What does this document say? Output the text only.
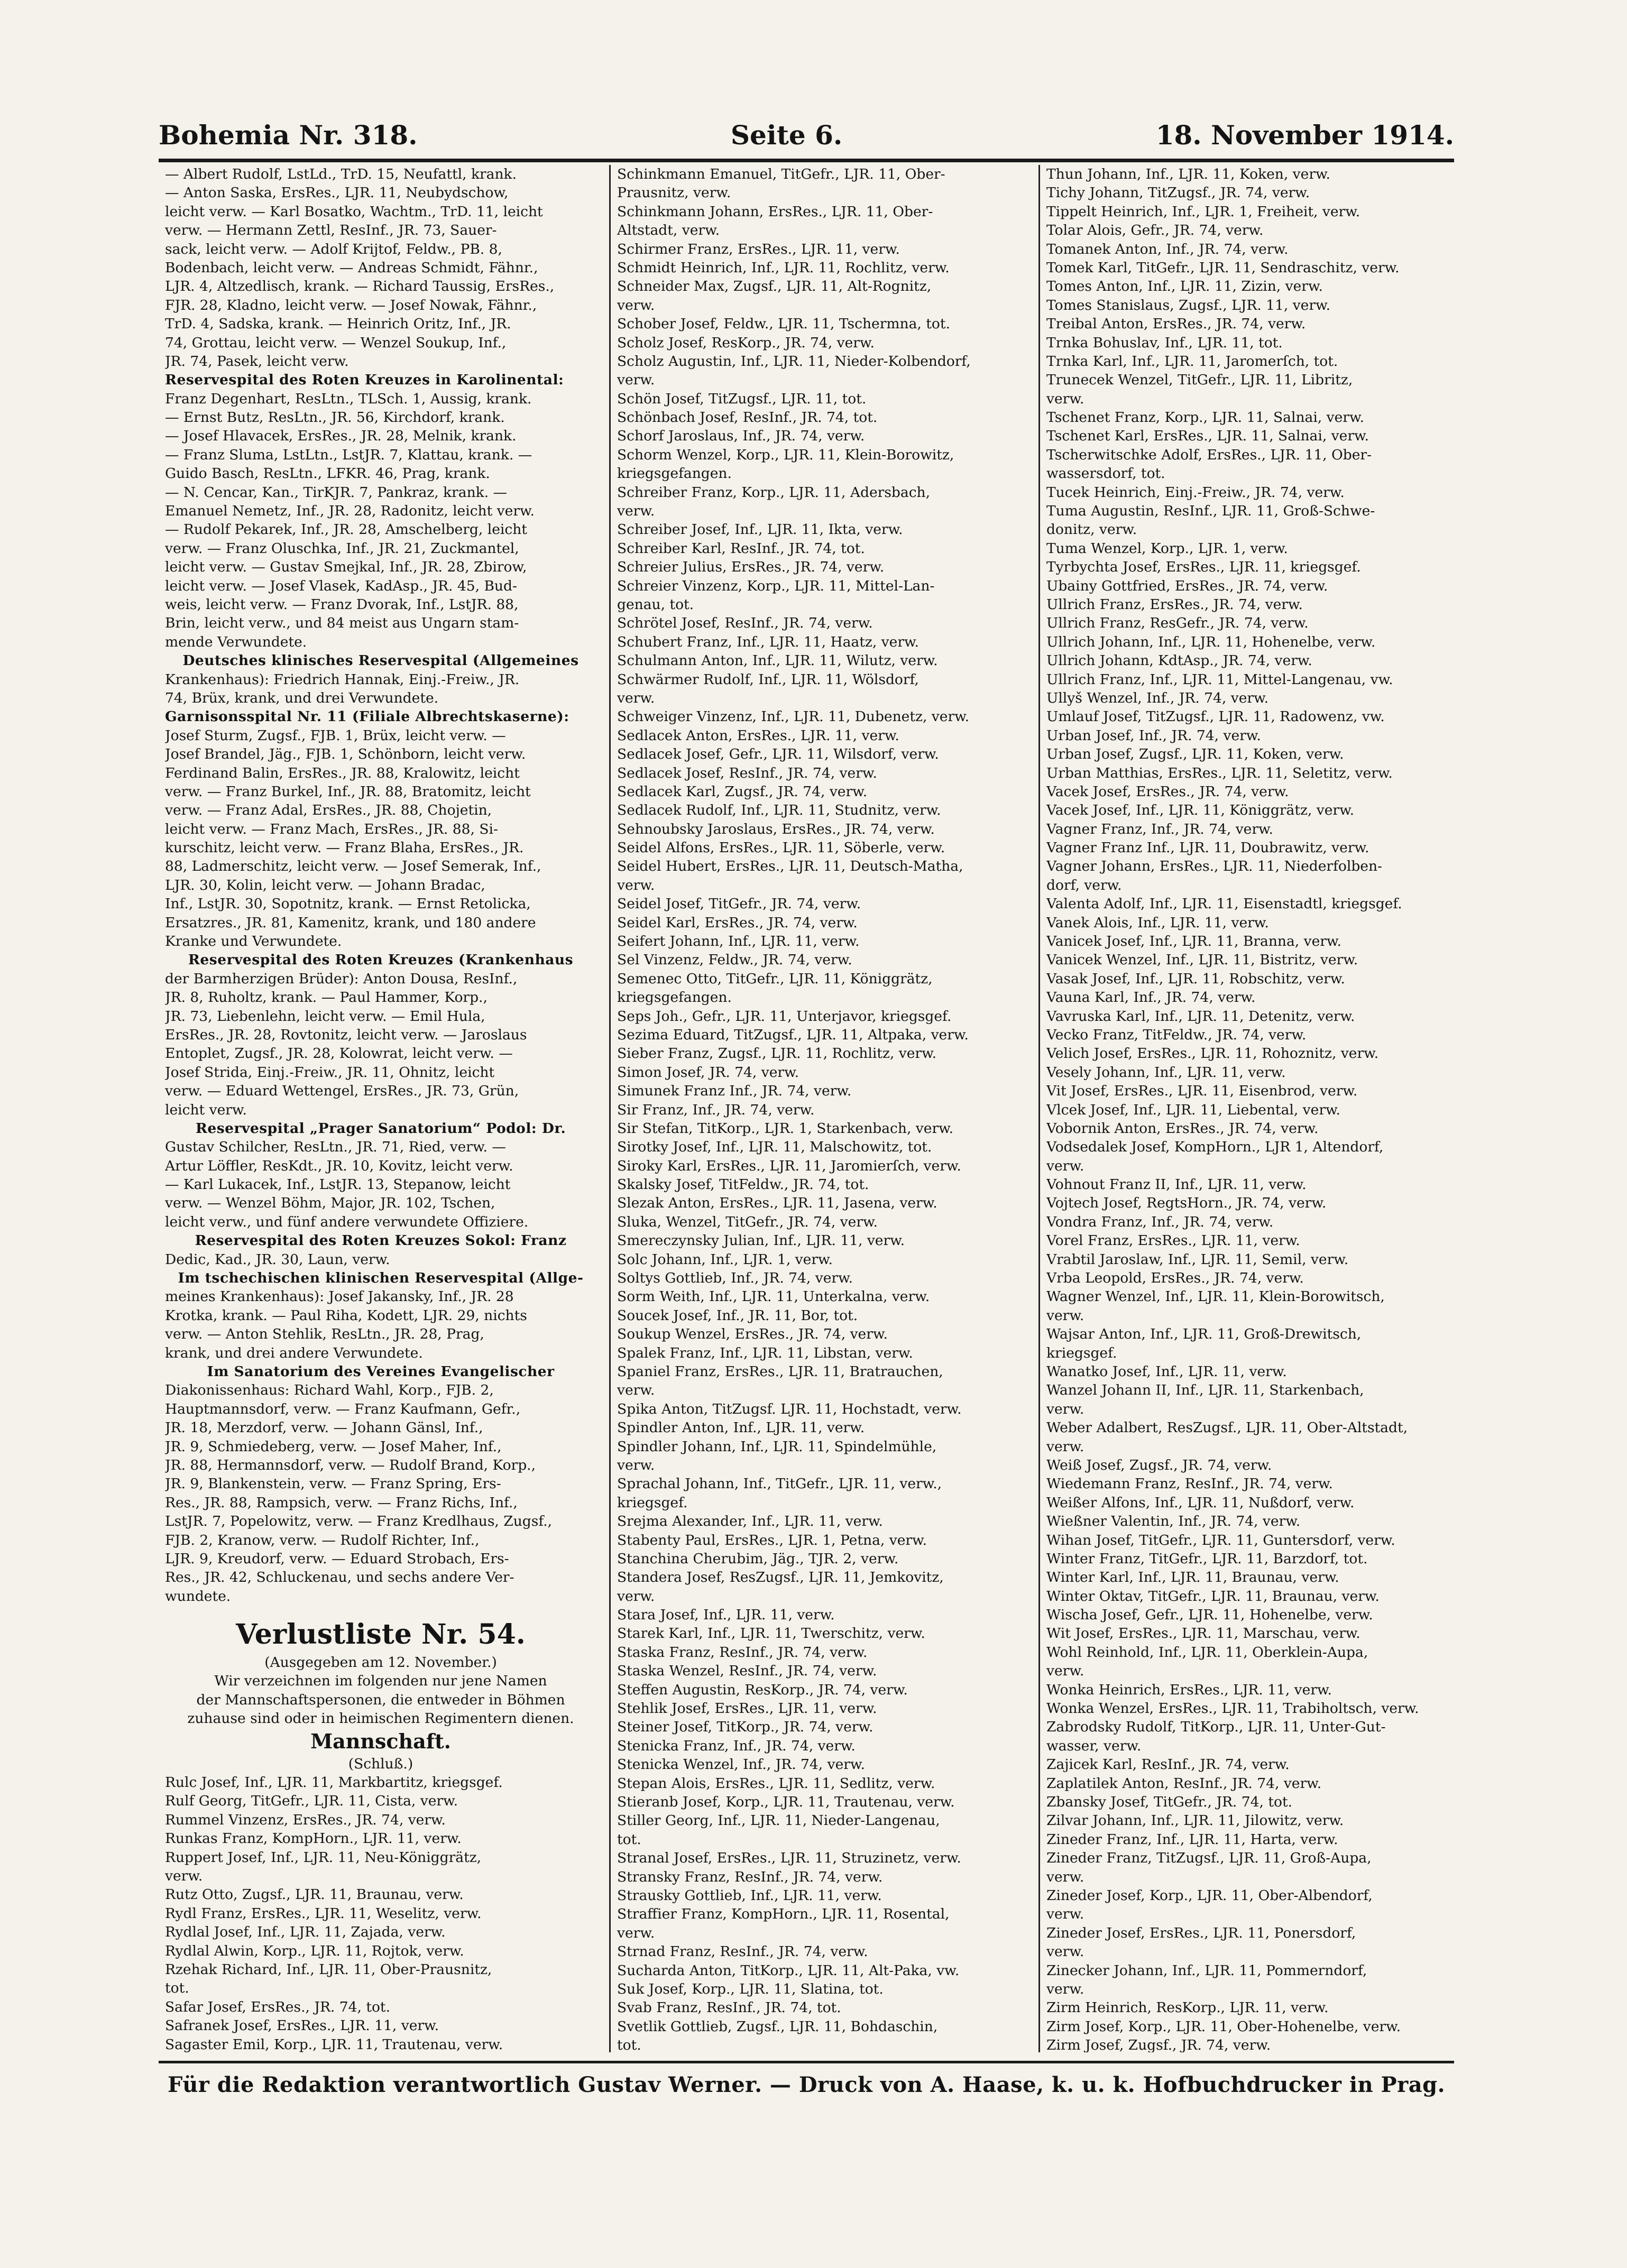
Bohemia Nr. 318.	Seite 6.	18. November 1914.
— Albert Rudolf, LstLd., TrD. 15, Neufattl, krank.
— Anton Saska, ErsRes., LJR. 11, Neubydschow,
leicht verw. — Karl Bosatko, Wachtm., TrD. 11, leicht
verw. — Hermann Zettl, ResInf., JR. 73, Sauer-
sack, leicht verw. — Adolf Krijtof, Feldw., PB. 8,
Bodenbach, leicht verw. — Andreas Schmidt, Fähnr.,
LJR. 4, Altzedlisch, krank. — Richard Taussig, ErsRes.,
FJR. 28, Kladno, leicht verw. — Josef Nowak, Fähnr.,
TrD. 4, Sadska, krank. — Heinrich Oritz, Inf., JR.
74, Grottau, leicht verw. — Wenzel Soukup, Inf.,
JR. 74, Pasek, leicht verw.
Reservespital des Roten Kreuzes in Karolinental:
Franz Degenhart, ResLtn., TLSch. 1, Aussig, krank.
— Ernst Butz, ResLtn., JR. 56, Kirchdorf, krank.
— Josef Hlavacek, ErsRes., JR. 28, Melnik, krank.
— Franz Sluma, LstLtn., LstJR. 7, Klattau, krank. —
Guido Basch, ResLtn., LFKR. 46, Prag, krank.
— N. Cencar, Kan., TirKJR. 7, Pankraz, krank. —
Emanuel Nemetz, Inf., JR. 28, Radonitz, leicht verw.
— Rudolf Pekarek, Inf., JR. 28, Amschelberg, leicht
verw. — Franz Oluschka, Inf., JR. 21, Zuckmantel,
leicht verw. — Gustav Smejkal, Inf., JR. 28, Zbirow,
leicht verw. — Josef Vlasek, KadAsp., JR. 45, Bud-
weis, leicht verw. — Franz Dvorak, Inf., LstJR. 88,
Brin, leicht verw., und 84 meist aus Ungarn stam-
mende Verwundete.
Deutsches klinisches Reservespital (Allgemeines
Krankenhaus): Friedrich Hannak, Einj.-Freiw., JR.
74, Brüx, krank, und drei Verwundete.
Garnisonsspital Nr. 11 (Filiale Albrechtskaserne):
Josef Sturm, Zugsf., FJB. 1, Brüx, leicht verw. —
Josef Brandel, Jäg., FJB. 1, Schönborn, leicht verw.
Ferdinand Balin, ErsRes., JR. 88, Kralowitz, leicht
verw. — Franz Burkel, Inf., JR. 88, Bratomitz, leicht
verw. — Franz Adal, ErsRes., JR. 88, Chojetin,
leicht verw. — Franz Mach, ErsRes., JR. 88, Si-
kurschitz, leicht verw. — Franz Blaha, ErsRes., JR.
88, Ladmerschitz, leicht verw. — Josef Semerak, Inf.,
LJR. 30, Kolin, leicht verw. — Johann Bradac,
Inf., LstJR. 30, Sopotnitz, krank. — Ernst Retolicka,
Ersatzres., JR. 81, Kamenitz, krank, und 180 andere
Kranke und Verwundete.
Reservespital des Roten Kreuzes (Krankenhaus
der Barmherzigen Brüder): Anton Dousa, ResInf.,
JR. 8, Ruholtz, krank. — Paul Hammer, Korp.,
JR. 73, Liebenlehn, leicht verw. — Emil Hula,
ErsRes., JR. 28, Rovtonitz, leicht verw. — Jaroslaus
Entoplet, Zugsf., JR. 28, Kolowrat, leicht verw. —
Josef Strida, Einj.-Freiw., JR. 11, Ohnitz, leicht
verw. — Eduard Wettengel, ErsRes., JR. 73, Grün,
leicht verw.
Reservespital „Prager Sanatorium“ Podol: Dr.
Gustav Schilcher, ResLtn., JR. 71, Ried, verw. —
Artur Löffler, ResKdt., JR. 10, Kovitz, leicht verw.
— Karl Lukacek, Inf., LstJR. 13, Stepanow, leicht
verw. — Wenzel Böhm, Major, JR. 102, Tschen,
leicht verw., und fünf andere verwundete Offiziere.
Reservespital des Roten Kreuzes Sokol: Franz
Dedic, Kad., JR. 30, Laun, verw.
Im tschechischen klinischen Reservespital (Allge-
meines Krankenhaus): Josef Jakansky, Inf., JR. 28
Krotka, krank. — Paul Riha, Kodett, LJR. 29, nichts
verw. — Anton Stehlik, ResLtn., JR. 28, Prag,
krank, und drei andere Verwundete.
Im Sanatorium des Vereines Evangelischer
Diakonissenhaus: Richard Wahl, Korp., FJB. 2,
Hauptmannsdorf, verw. — Franz Kaufmann, Gefr.,
JR. 18, Merzdorf, verw. — Johann Gänsl, Inf.,
JR. 9, Schmiedeberg, verw. — Josef Maher, Inf.,
JR. 88, Hermannsdorf, verw. — Rudolf Brand, Korp.,
JR. 9, Blankenstein, verw. — Franz Spring, Ers-
Res., JR. 88, Rampsich, verw. — Franz Richs, Inf.,
LstJR. 7, Popelowitz, verw. — Franz Kredlhaus, Zugsf.,
FJB. 2, Kranow, verw. — Rudolf Richter, Inf.,
LJR. 9, Kreudorf, verw. — Eduard Strobach, Ers-
Res., JR. 42, Schluckenau, und sechs andere Ver-
wundete.
Verlustliste Nr. 54.
(Ausgegeben am 12. November.)
Wir verzeichnen im folgenden nur jene Namen
der Mannschaftspersonen, die entweder in Böhmen
zuhause sind oder in heimischen Regimentern dienen.
Mannschaft.
(Schluß.)
Rulc Josef, Inf., LJR. 11, Markbartitz, kriegsgef.
Rulf Georg, TitGefr., LJR. 11, Cista, verw.
Rummel Vinzenz, ErsRes., JR. 74, verw.
Runkas Franz, KompHorn., LJR. 11, verw.
Ruppert Josef, Inf., LJR. 11, Neu-Königgrätz,
verw.
Rutz Otto, Zugsf., LJR. 11, Braunau, verw.
Rydl Franz, ErsRes., LJR. 11, Weselitz, verw.
Rydlal Josef, Inf., LJR. 11, Zajada, verw.
Rydlal Alwin, Korp., LJR. 11, Rojtok, verw.
Rzehak Richard, Inf., LJR. 11, Ober-Prausnitz,
tot.
Safar Josef, ErsRes., JR. 74, tot.
Safranek Josef, ErsRes., LJR. 11, verw.
Sagaster Emil, Korp., LJR. 11, Trautenau, verw.
Schinkmann Emanuel, TitGefr., LJR. 11, Ober-
Prausnitz, verw.
Schinkmann Johann, ErsRes., LJR. 11, Ober-
Altstadt, verw.
Schirmer Franz, ErsRes., LJR. 11, verw.
Schmidt Heinrich, Inf., LJR. 11, Rochlitz, verw.
Schneider Max, Zugsf., LJR. 11, Alt-Rognitz,
verw.
Schober Josef, Feldw., LJR. 11, Tschermna, tot.
Scholz Josef, ResKorp., JR. 74, verw.
Scholz Augustin, Inf., LJR. 11, Nieder-Kolbendorf,
verw.
Schön Josef, TitZugsf., LJR. 11, tot.
Schönbach Josef, ResInf., JR. 74, tot.
Schorf Jaroslaus, Inf., JR. 74, verw.
Schorm Wenzel, Korp., LJR. 11, Klein-Borowitz,
kriegsgefangen.
Schreiber Franz, Korp., LJR. 11, Adersbach,
verw.
Schreiber Josef, Inf., LJR. 11, Ikta, verw.
Schreiber Karl, ResInf., JR. 74, tot.
Schreier Julius, ErsRes., JR. 74, verw.
Schreier Vinzenz, Korp., LJR. 11, Mittel-Lan-
genau, tot.
Schrötel Josef, ResInf., JR. 74, verw.
Schubert Franz, Inf., LJR. 11, Haatz, verw.
Schulmann Anton, Inf., LJR. 11, Wilutz, verw.
Schwärmer Rudolf, Inf., LJR. 11, Wölsdorf,
verw.
Schweiger Vinzenz, Inf., LJR. 11, Dubenetz, verw.
Sedlacek Anton, ErsRes., LJR. 11, verw.
Sedlacek Josef, Gefr., LJR. 11, Wilsdorf, verw.
Sedlacek Josef, ResInf., JR. 74, verw.
Sedlacek Karl, Zugsf., JR. 74, verw.
Sedlacek Rudolf, Inf., LJR. 11, Studnitz, verw.
Sehnoubsky Jaroslaus, ErsRes., JR. 74, verw.
Seidel Alfons, ErsRes., LJR. 11, Söberle, verw.
Seidel Hubert, ErsRes., LJR. 11, Deutsch-Matha,
verw.
Seidel Josef, TitGefr., JR. 74, verw.
Seidel Karl, ErsRes., JR. 74, verw.
Seifert Johann, Inf., LJR. 11, verw.
Sel Vinzenz, Feldw., JR. 74, verw.
Semenec Otto, TitGefr., LJR. 11, Königgrätz,
kriegsgefangen.
Seps Joh., Gefr., LJR. 11, Unterjavor, kriegsgef.
Sezima Eduard, TitZugsf., LJR. 11, Altpaka, verw.
Sieber Franz, Zugsf., LJR. 11, Rochlitz, verw.
Simon Josef, JR. 74, verw.
Simunek Franz Inf., JR. 74, verw.
Sir Franz, Inf., JR. 74, verw.
Sir Stefan, TitKorp., LJR. 1, Starkenbach, verw.
Sirotky Josef, Inf., LJR. 11, Malschowitz, tot.
Siroky Karl, ErsRes., LJR. 11, Jaromierſch, verw.
Skalsky Josef, TitFeldw., JR. 74, tot.
Slezak Anton, ErsRes., LJR. 11, Jasena, verw.
Sluka, Wenzel, TitGefr., JR. 74, verw.
Smereczynsky Julian, Inf., LJR. 11, verw.
Solc Johann, Inf., LJR. 1, verw.
Soltys Gottlieb, Inf., JR. 74, verw.
Sorm Weith, Inf., LJR. 11, Unterkalna, verw.
Soucek Josef, Inf., JR. 11, Bor, tot.
Soukup Wenzel, ErsRes., JR. 74, verw.
Spalek Franz, Inf., LJR. 11, Libstan, verw.
Spaniel Franz, ErsRes., LJR. 11, Bratrauchen,
verw.
Spika Anton, TitZugsf. LJR. 11, Hochstadt, verw.
Spindler Anton, Inf., LJR. 11, verw.
Spindler Johann, Inf., LJR. 11, Spindelmühle,
verw.
Sprachal Johann, Inf., TitGefr., LJR. 11, verw.,
kriegsgef.
Srejma Alexander, Inf., LJR. 11, verw.
Stabenty Paul, ErsRes., LJR. 1, Petna, verw.
Stanchina Cherubim, Jäg., TJR. 2, verw.
Standera Josef, ResZugsf., LJR. 11, Jemkovitz,
verw.
Stara Josef, Inf., LJR. 11, verw.
Starek Karl, Inf., LJR. 11, Twerschitz, verw.
Staska Franz, ResInf., JR. 74, verw.
Staska Wenzel, ResInf., JR. 74, verw.
Steffen Augustin, ResKorp., JR. 74, verw.
Stehlik Josef, ErsRes., LJR. 11, verw.
Steiner Josef, TitKorp., JR. 74, verw.
Stenicka Franz, Inf., JR. 74, verw.
Stenicka Wenzel, Inf., JR. 74, verw.
Stepan Alois, ErsRes., LJR. 11, Sedlitz, verw.
Stieranb Josef, Korp., LJR. 11, Trautenau, verw.
Stiller Georg, Inf., LJR. 11, Nieder-Langenau,
tot.
Stranal Josef, ErsRes., LJR. 11, Struzinetz, verw.
Stransky Franz, ResInf., JR. 74, verw.
Strausky Gottlieb, Inf., LJR. 11, verw.
Straffier Franz, KompHorn., LJR. 11, Rosental,
verw.
Strnad Franz, ResInf., JR. 74, verw.
Sucharda Anton, TitKorp., LJR. 11, Alt-Paka, vw.
Suk Josef, Korp., LJR. 11, Slatina, tot.
Svab Franz, ResInf., JR. 74, tot.
Svetlik Gottlieb, Zugsf., LJR. 11, Bohdaschin,
tot.
Thun Johann, Inf., LJR. 11, Koken, verw.
Tichy Johann, TitZugsf., JR. 74, verw.
Tippelt Heinrich, Inf., LJR. 1, Freiheit, verw.
Tolar Alois, Gefr., JR. 74, verw.
Tomanek Anton, Inf., JR. 74, verw.
Tomek Karl, TitGefr., LJR. 11, Sendraschitz, verw.
Tomes Anton, Inf., LJR. 11, Zizin, verw.
Tomes Stanislaus, Zugsf., LJR. 11, verw.
Treibal Anton, ErsRes., JR. 74, verw.
Trnka Bohuslav, Inf., LJR. 11, tot.
Trnka Karl, Inf., LJR. 11, Jaromerſch, tot.
Trunecek Wenzel, TitGefr., LJR. 11, Libritz,
verw.
Tschenet Franz, Korp., LJR. 11, Salnai, verw.
Tschenet Karl, ErsRes., LJR. 11, Salnai, verw.
Tscherwitschke Adolf, ErsRes., LJR. 11, Ober-
wassersdorf, tot.
Tucek Heinrich, Einj.-Freiw., JR. 74, verw.
Tuma Augustin, ResInf., LJR. 11, Groß-Schwe-
donitz, verw.
Tuma Wenzel, Korp., LJR. 1, verw.
Tyrbychta Josef, ErsRes., LJR. 11, kriegsgef.
Ubainy Gottfried, ErsRes., JR. 74, verw.
Ullrich Franz, ErsRes., JR. 74, verw.
Ullrich Franz, ResGefr., JR. 74, verw.
Ullrich Johann, Inf., LJR. 11, Hohenelbe, verw.
Ullrich Johann, KdtAsp., JR. 74, verw.
Ullrich Franz, Inf., LJR. 11, Mittel-Langenau, vw.
Ullyš Wenzel, Inf., JR. 74, verw.
Umlauf Josef, TitZugsf., LJR. 11, Radowenz, vw.
Urban Josef, Inf., JR. 74, verw.
Urban Josef, Zugsf., LJR. 11, Koken, verw.
Urban Matthias, ErsRes., LJR. 11, Seletitz, verw.
Vacek Josef, ErsRes., JR. 74, verw.
Vacek Josef, Inf., LJR. 11, Königgrätz, verw.
Vagner Franz, Inf., JR. 74, verw.
Vagner Franz Inf., LJR. 11, Doubrawitz, verw.
Vagner Johann, ErsRes., LJR. 11, Niederfolben-
dorf, verw.
Valenta Adolf, Inf., LJR. 11, Eisenstadtl, kriegsgef.
Vanek Alois, Inf., LJR. 11, verw.
Vanicek Josef, Inf., LJR. 11, Branna, verw.
Vanicek Wenzel, Inf., LJR. 11, Bistritz, verw.
Vasak Josef, Inf., LJR. 11, Robschitz, verw.
Vauna Karl, Inf., JR. 74, verw.
Vavruska Karl, Inf., LJR. 11, Detenitz, verw.
Vecko Franz, TitFeldw., JR. 74, verw.
Velich Josef, ErsRes., LJR. 11, Rohoznitz, verw.
Vesely Johann, Inf., LJR. 11, verw.
Vit Josef, ErsRes., LJR. 11, Eisenbrod, verw.
Vlcek Josef, Inf., LJR. 11, Liebental, verw.
Vobornik Anton, ErsRes., JR. 74, verw.
Vodsedalek Josef, KompHorn., LJR 1, Altendorf,
verw.
Vohnout Franz II, Inf., LJR. 11, verw.
Vojtech Josef, RegtsHorn., JR. 74, verw.
Vondra Franz, Inf., JR. 74, verw.
Vorel Franz, ErsRes., LJR. 11, verw.
Vrabtil Jaroslaw, Inf., LJR. 11, Semil, verw.
Vrba Leopold, ErsRes., JR. 74, verw.
Wagner Wenzel, Inf., LJR. 11, Klein-Borowitsch,
verw.
Wajsar Anton, Inf., LJR. 11, Groß-Drewitsch,
kriegsgef.
Wanatko Josef, Inf., LJR. 11, verw.
Wanzel Johann II, Inf., LJR. 11, Starkenbach,
verw.
Weber Adalbert, ResZugsf., LJR. 11, Ober-Altstadt,
verw.
Weiß Josef, Zugsf., JR. 74, verw.
Wiedemann Franz, ResInf., JR. 74, verw.
Weißer Alfons, Inf., LJR. 11, Nußdorf, verw.
Wießner Valentin, Inf., JR. 74, verw.
Wihan Josef, TitGefr., LJR. 11, Guntersdorf, verw.
Winter Franz, TitGefr., LJR. 11, Barzdorf, tot.
Winter Karl, Inf., LJR. 11, Braunau, verw.
Winter Oktav, TitGefr., LJR. 11, Braunau, verw.
Wischa Josef, Gefr., LJR. 11, Hohenelbe, verw.
Wit Josef, ErsRes., LJR. 11, Marschau, verw.
Wohl Reinhold, Inf., LJR. 11, Oberklein-Aupa,
verw.
Wonka Heinrich, ErsRes., LJR. 11, verw.
Wonka Wenzel, ErsRes., LJR. 11, Trabiholtsch, verw.
Zabrodsky Rudolf, TitKorp., LJR. 11, Unter-Gut-
wasser, verw.
Zajicek Karl, ResInf., JR. 74, verw.
Zaplatilek Anton, ResInf., JR. 74, verw.
Zbansky Josef, TitGefr., JR. 74, tot.
Zilvar Johann, Inf., LJR. 11, Jilowitz, verw.
Zineder Franz, Inf., LJR. 11, Harta, verw.
Zineder Franz, TitZugsf., LJR. 11, Groß-Aupa,
verw.
Zineder Josef, Korp., LJR. 11, Ober-Albendorf,
verw.
Zineder Josef, ErsRes., LJR. 11, Ponersdorf,
verw.
Zinecker Johann, Inf., LJR. 11, Pommerndorf,
verw.
Zirm Heinrich, ResKorp., LJR. 11, verw.
Zirm Josef, Korp., LJR. 11, Ober-Hohenelbe, verw.
Zirm Josef, Zugsf., JR. 74, verw.
Für die Redaktion verantwortlich Gustav Werner. — Druck von A. Haase, k. u. k. Hofbuchdrucker in Prag.
